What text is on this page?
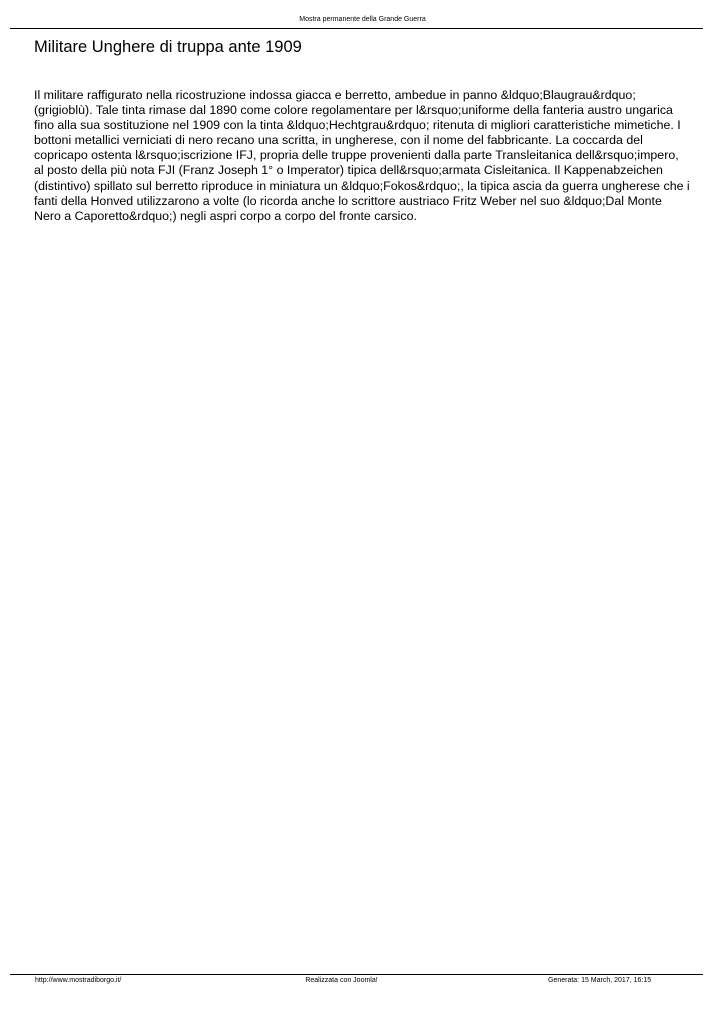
Mostra permanente della Grande Guerra
Militare Unghere di truppa ante 1909

Il militare raffigurato nella ricostruzione indossa giacca e berretto, ambedue in panno &ldquo;Blaugrau&rdquo; (grigioblù). Tale tinta rimase dal 1890 come colore regolamentare per l&rsquo;uniforme della fanteria austro ungarica fino alla sua sostituzione nel 1909 con la tinta &ldquo;Hechtgrau&rdquo; ritenuta di migliori caratteristiche mimetiche. I bottoni metallici verniciati di nero recano una scritta, in ungherese, con il nome del fabbricante. La coccarda del copricapo ostenta l&rsquo;iscrizione IFJ, propria delle truppe provenienti dalla parte Transleitanica dell&rsquo;impero, al posto della più nota FJI (Franz Joseph 1° o Imperator) tipica dell&rsquo;armata Cisleitanica. Il Kappenabzeichen (distintivo) spillato sul berretto riproduce in miniatura un &ldquo;Fokos&rdquo;, la tipica ascia da guerra ungherese che i fanti della Honved utilizzarono a volte (lo ricorda anche lo scrittore austriaco Fritz Weber nel suo &ldquo;Dal Monte Nero a Caporetto&rdquo;) negli aspri corpo a corpo del fronte carsico.

http://www.mostradiborgo.it/	Realizzata con Joomla!	Generata: 15 March, 2017, 16:15
